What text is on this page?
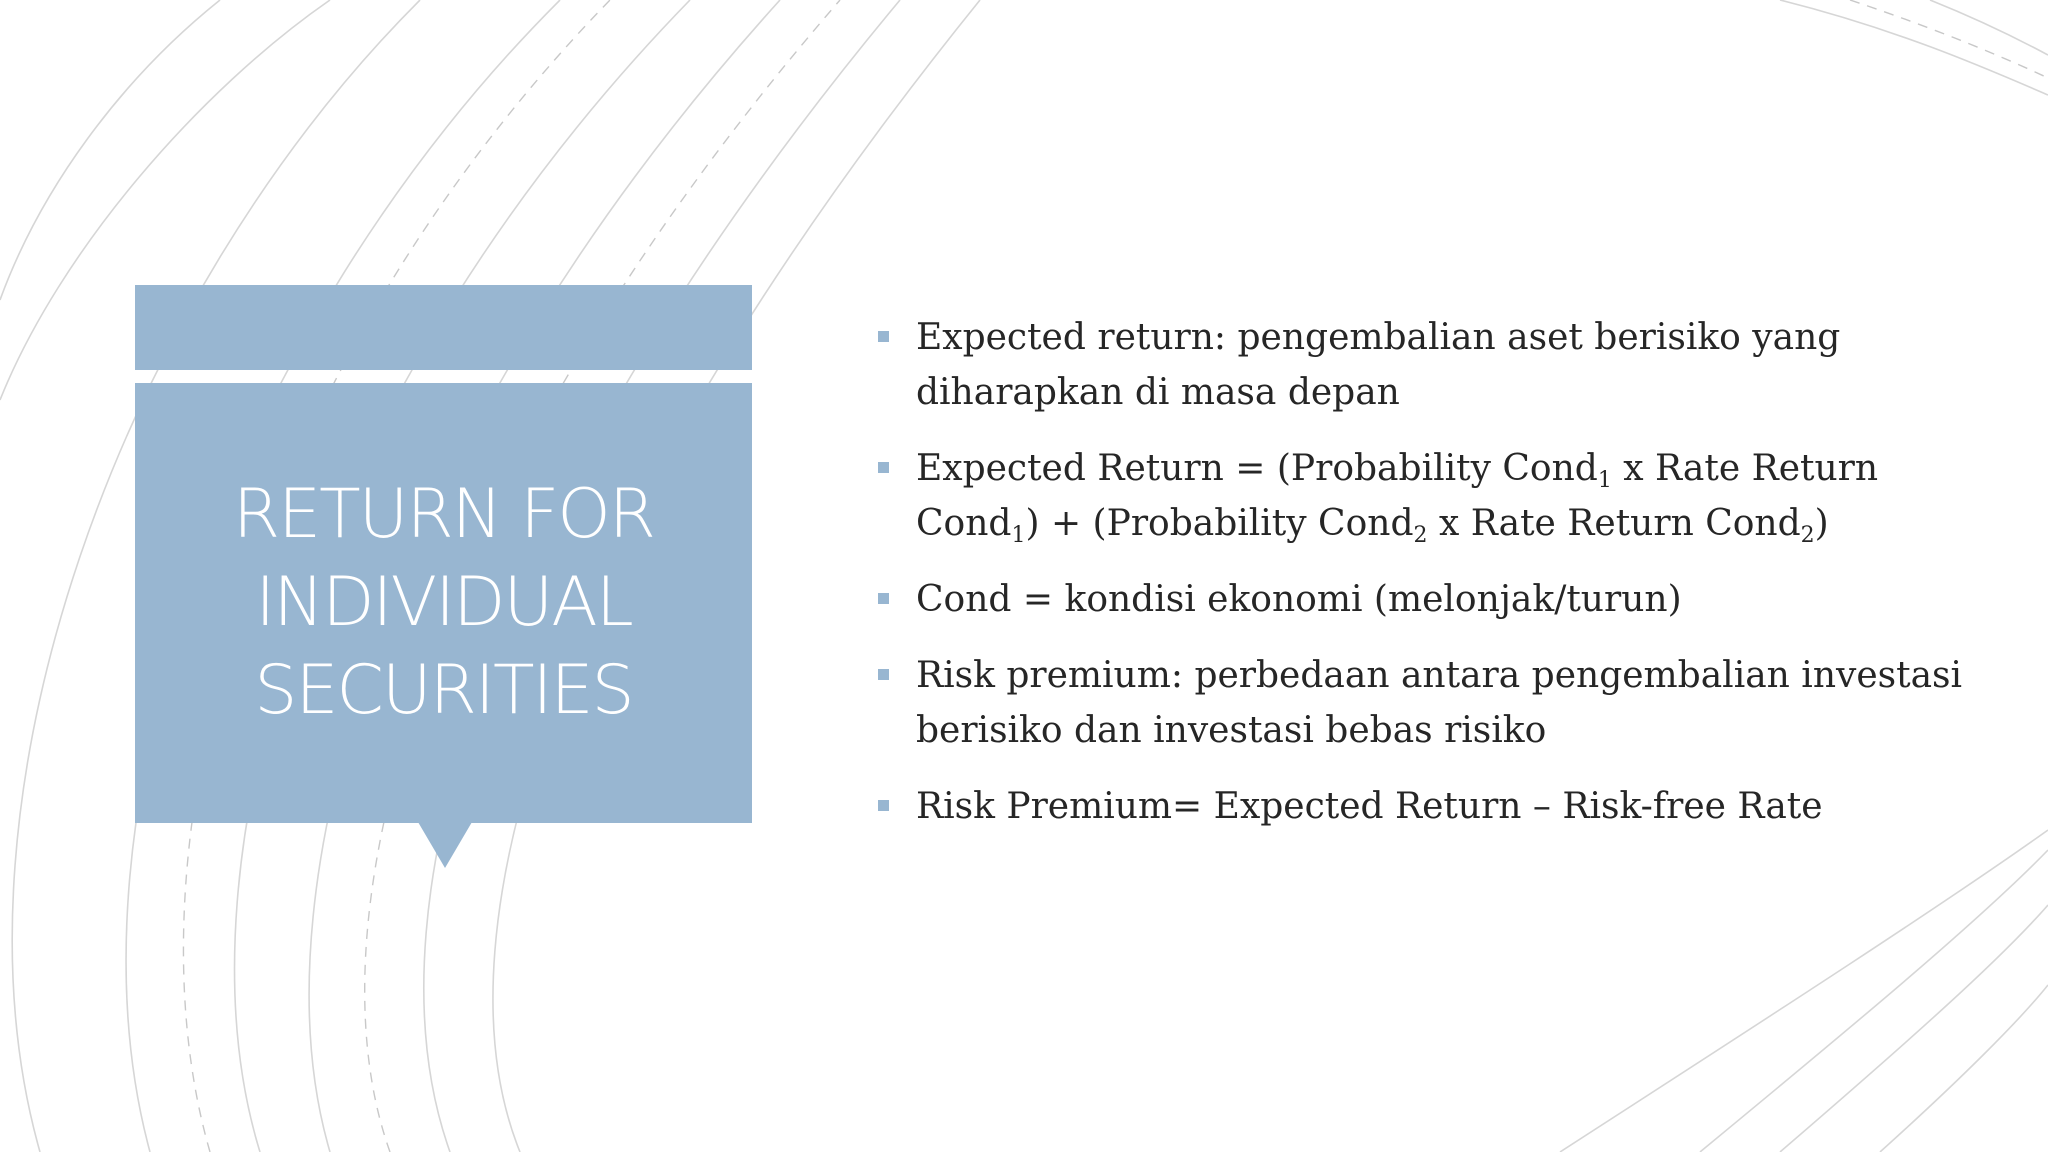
RETURN FOR INDIVIDUAL SECURITIES
Expected return: pengembalian aset berisiko yang diharapkan di masa depan
Expected Return = (Probability Cond$_1$ x Rate Return Cond$_1$) + (Probability Cond$_2$ x Rate Return Cond$_2$)
Cond = kondisi ekonomi (melonjak/turun)
Risk premium: perbedaan antara pengembalian investasi berisiko dan investasi bebas risiko
Risk Premium= Expected Return – Risk-free Rate
